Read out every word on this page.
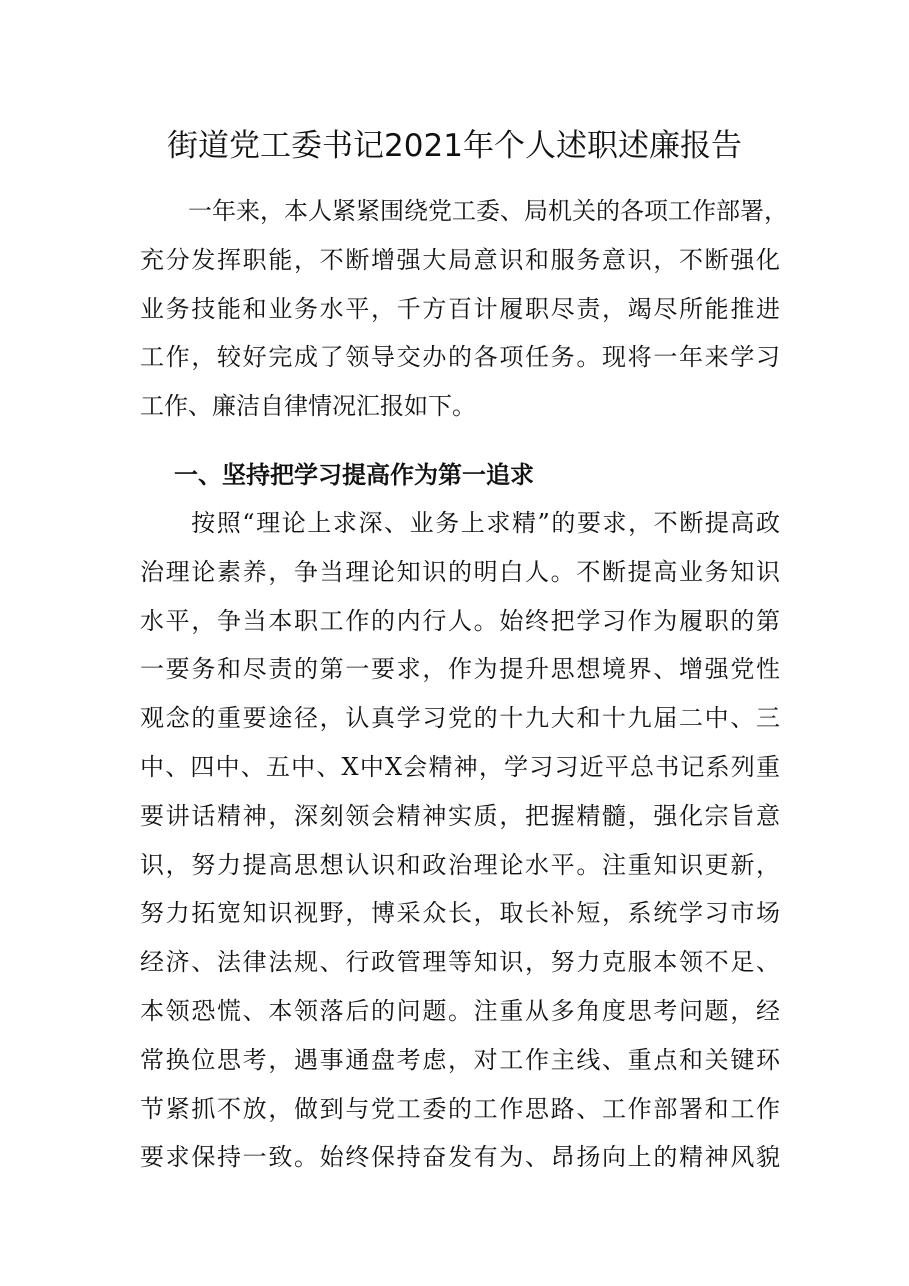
街道党工委书记2021年个人述职述廉报告
　　一年来，本人紧紧围绕党工委、局机关的各项工作部署，
充分发挥职能，不断增强大局意识和服务意识，不断强化
业务技能和业务水平，千方百计履职尽责，竭尽所能推进
工作，较好完成了领导交办的各项任务。现将一年来学习
工作、廉洁自律情况汇报如下。
一、坚持把学习提高作为第一追求
　　按照“理论上求深、业务上求精”的要求，不断提高政
治理论素养，争当理论知识的明白人。不断提高业务知识
水平，争当本职工作的内行人。始终把学习作为履职的第
一要务和尽责的第一要求，作为提升思想境界、增强党性
观念的重要途径，认真学习党的十九大和十九届二中、三
中、四中、五中、X中X会精神，学习习近平总书记系列重
要讲话精神，深刻领会精神实质，把握精髓，强化宗旨意
识，努力提高思想认识和政治理论水平。注重知识更新，
努力拓宽知识视野，博采众长，取长补短，系统学习市场
经济、法律法规、行政管理等知识，努力克服本领不足、
本领恐慌、本领落后的问题。注重从多角度思考问题，经
常换位思考，遇事通盘考虑，对工作主线、重点和关键环
节紧抓不放，做到与党工委的工作思路、工作部署和工作
要求保持一致。始终保持奋发有为、昂扬向上的精神风貌
